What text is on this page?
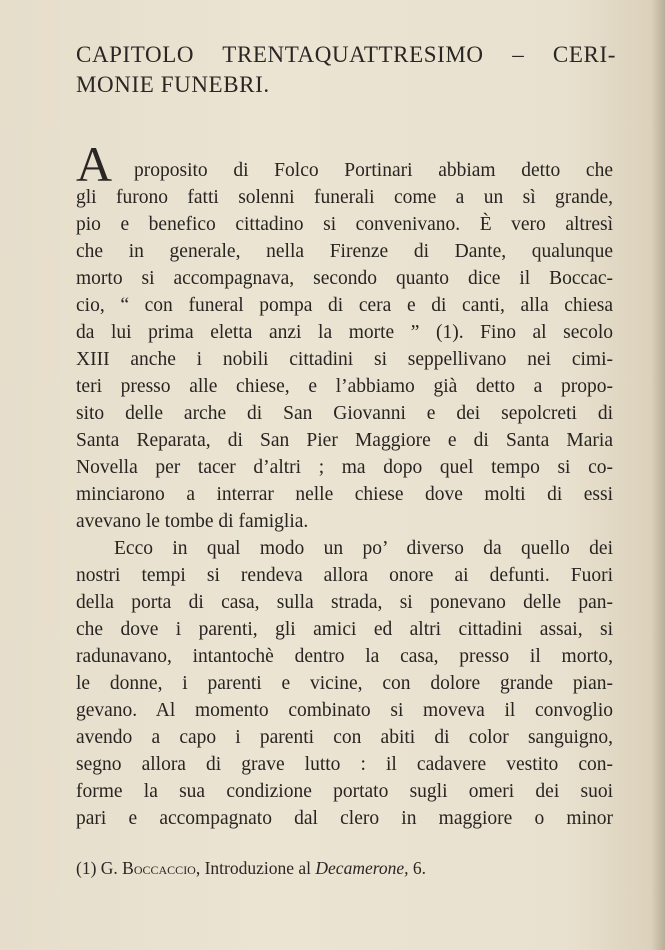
CAPITOLO TRENTAQUATTRESIMO – CERI-
MONIE FUNEBRI.
A	proposito di Folco Portinari abbiam detto che
gli furono fatti solenni funerali come a un sì grande,
pio e benefico cittadino si convenivano. È vero altresì
che in generale, nella Firenze di Dante, qualunque
morto si accompagnava, secondo quanto dice il Boccac-
cio, “ con funeral pompa di cera e di canti, alla chiesa
da lui prima eletta anzi la morte ” (1). Fino al secolo
XIII anche i nobili cittadini si seppellivano nei cimi-
teri presso alle chiese, e l’abbiamo già detto a propo-
sito delle arche di San Giovanni e dei sepolcreti di
Santa Reparata, di San Pier Maggiore e di Santa Maria
Novella per tacer d’altri ; ma dopo quel tempo si co-
minciarono a interrar nelle chiese dove molti di essi
avevano le tombe di famiglia.
Ecco in qual modo un po’ diverso da quello dei
nostri tempi si rendeva allora onore ai defunti. Fuori
della porta di casa, sulla strada, si ponevano delle pan-
che dove i parenti, gli amici ed altri cittadini assai, si
radunavano, intantochè dentro la casa, presso il morto,
le donne, i parenti e vicine, con dolore grande pian-
gevano. Al momento combinato si moveva il convoglio
avendo a capo i parenti con abiti di color sanguigno,
segno allora di grave lutto : il cadavere vestito con-
forme la sua condizione portato sugli omeri dei suoi
pari e accompagnato dal clero in maggiore o minor
(1) G. Boccaccio, Introduzione al Decamerone, 6.
